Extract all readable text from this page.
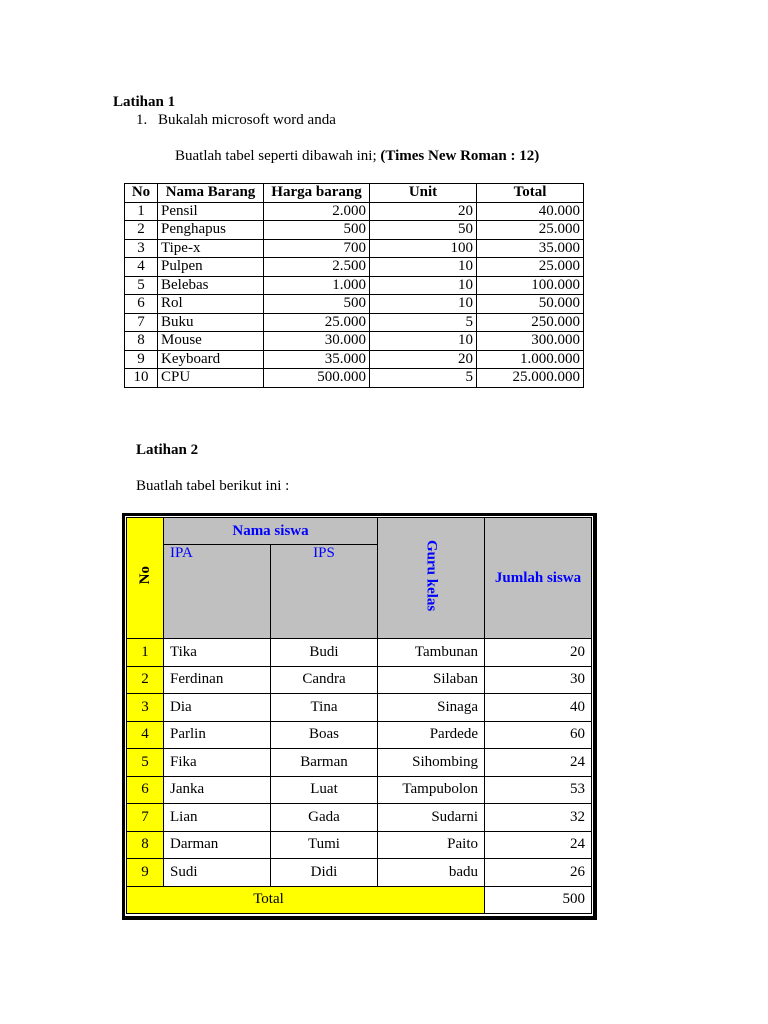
Latihan 1
1. Bukalah microsoft word anda
Buatlah tabel seperti dibawah ini; (Times New Roman : 12)
No	Nama Barang	Harga barang	Unit	Total
1	Pensil	2.000	20	40.000
2	Penghapus	500	50	25.000
3	Tipe-x	700	100	35.000
4	Pulpen	2.500	10	25.000
5	Belebas	1.000	10	100.000
6	Rol	500	10	50.000
7	Buku	25.000	5	250.000
8	Mouse	30.000	10	300.000
9	Keyboard	35.000	20	1.000.000
10	CPU	500.000	5	25.000.000
Latihan 2
Buatlah tabel berikut ini :
No	Nama siswa		Guru kelas	Jumlah siswa
	IPA	IPS		
1	Tika	Budi	Tambunan	20
2	Ferdinan	Candra	Silaban	30
3	Dia	Tina	Sinaga	40
4	Parlin	Boas	Pardede	60
5	Fika	Barman	Sihombing	24
6	Janka	Luat	Tampubolon	53
7	Lian	Gada	Sudarni	32
8	Darman	Tumi	Paito	24
9	Sudi	Didi	badu	26
Total				500
